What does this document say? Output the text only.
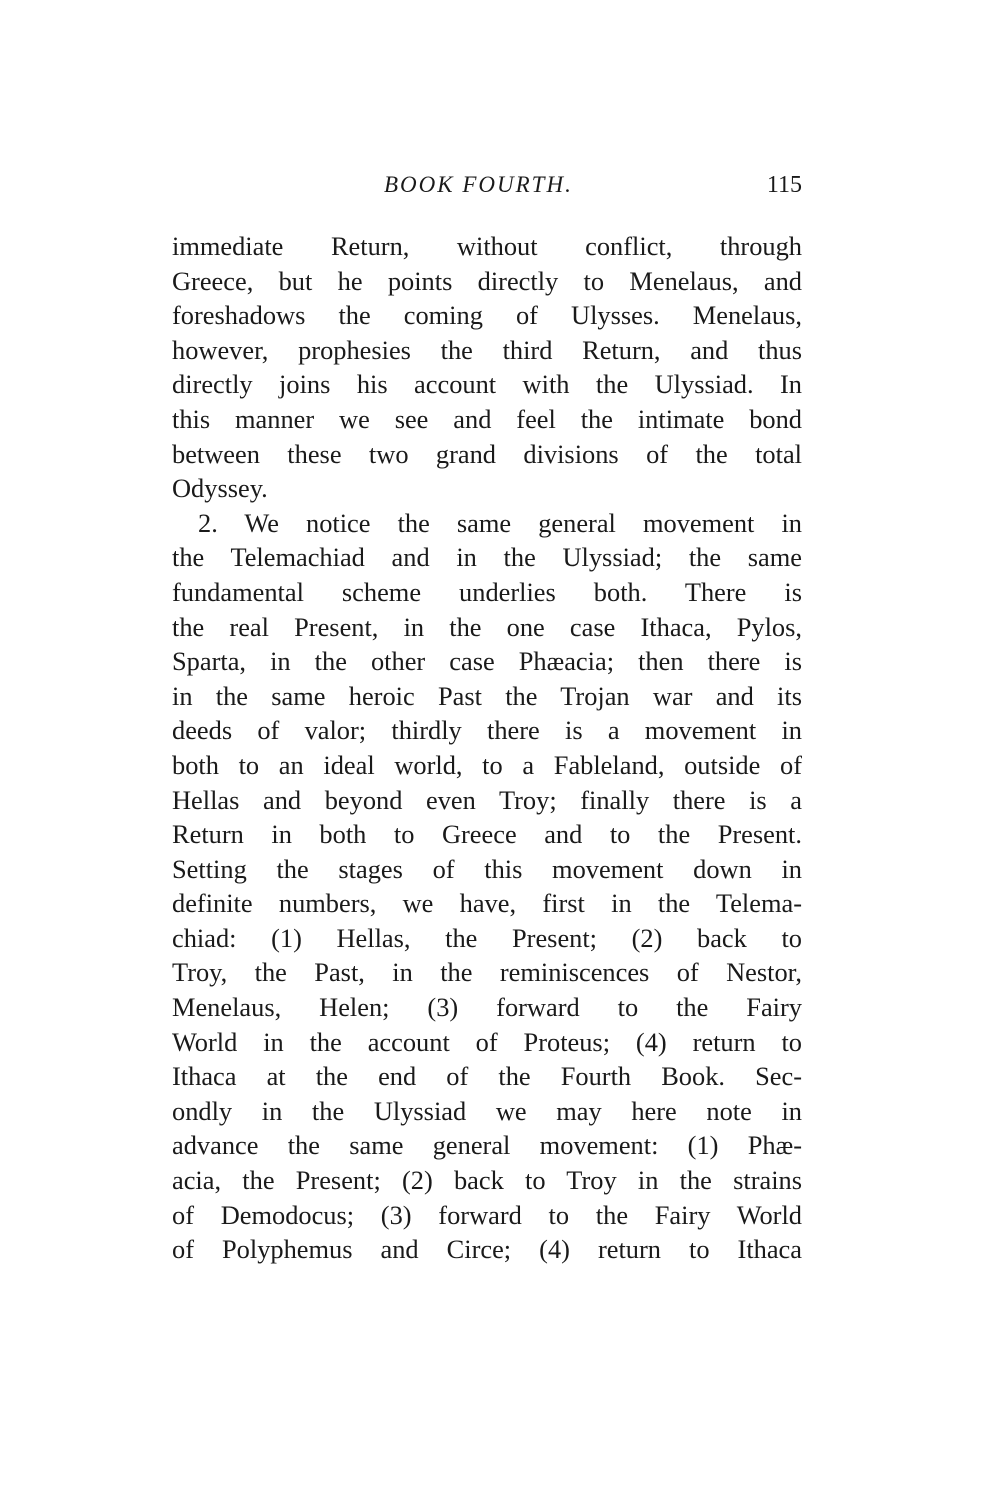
BOOK FOURTH.	115
immediate Return, without conflict, through
Greece, but he points directly to Menelaus, and
foreshadows the coming of Ulysses. Menelaus,
however, prophesies the third Return, and thus
directly joins his account with the Ulyssiad. In
this manner we see and feel the intimate bond
between these two grand divisions of the total
Odyssey.
2. We notice the same general movement in
the Telemachiad and in the Ulyssiad; the same
fundamental scheme underlies both. There is
the real Present, in the one case Ithaca, Pylos,
Sparta, in the other case Phæacia; then there is
in the same heroic Past the Trojan war and its
deeds of valor; thirdly there is a movement in
both to an ideal world, to a Fableland, outside of
Hellas and beyond even Troy; finally there is a
Return in both to Greece and to the Present.
Setting the stages of this movement down in
definite numbers, we have, first in the Telema-
chiad: (1) Hellas, the Present; (2) back to
Troy, the Past, in the reminiscences of Nestor,
Menelaus, Helen; (3) forward to the Fairy
World in the account of Proteus; (4) return to
Ithaca at the end of the Fourth Book. Sec-
ondly in the Ulyssiad we may here note in
advance the same general movement: (1) Phæ-
acia, the Present; (2) back to Troy in the strains
of Demodocus; (3) forward to the Fairy World
of Polyphemus and Circe; (4) return to Ithaca
